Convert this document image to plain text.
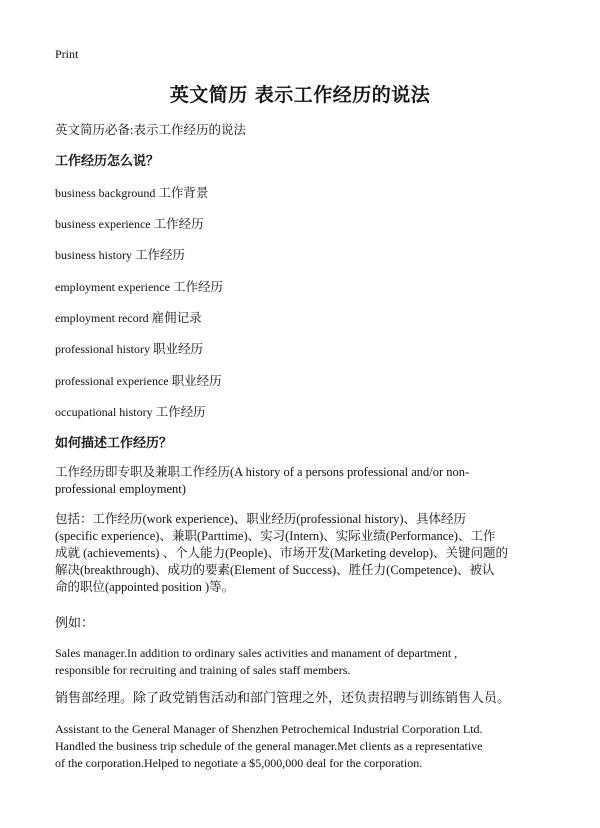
Print
英文简历 表示工作经历的说法
英文简历必备:表示工作经历的说法
工作经历怎么说？
business background 工作背景
business experience 工作经历
business history 工作经历
employment experience 工作经历
employment record 雇佣记录
professional history 职业经历
professional experience 职业经历
occupational history 工作经历
如何描述工作经历？
工作经历即专职及兼职工作经历(A history of a persons professional and/or non-
professional employment)
包括：工作经历(work experience)、职业经历(professional history)、具体经历
(specific experience)、兼职(Parttime)、实习(Intern)、实际业绩(Performance)、工作
成就 (achievements) 、个人能力(People)、市场开发(Marketing develop)、关键问题的
解决(breakthrough)、成功的要素(Element of Success)、胜任力(Competence)、被认
命的职位(appointed position )等。
例如：
Sales manager.In addition to ordinary sales activities and manament of department ,
responsible for recruiting and training of sales staff members.
销售部经理。除了政党销售活动和部门管理之外，还负责招聘与训练销售人员。
Assistant to the General Manager of Shenzhen Petrochemical Industrial Corporation Ltd.
Handled the business trip schedule of the general manager.Met clients as a representative
of the corporation.Helped to negotiate a $5,000,000 deal for the corporation.
